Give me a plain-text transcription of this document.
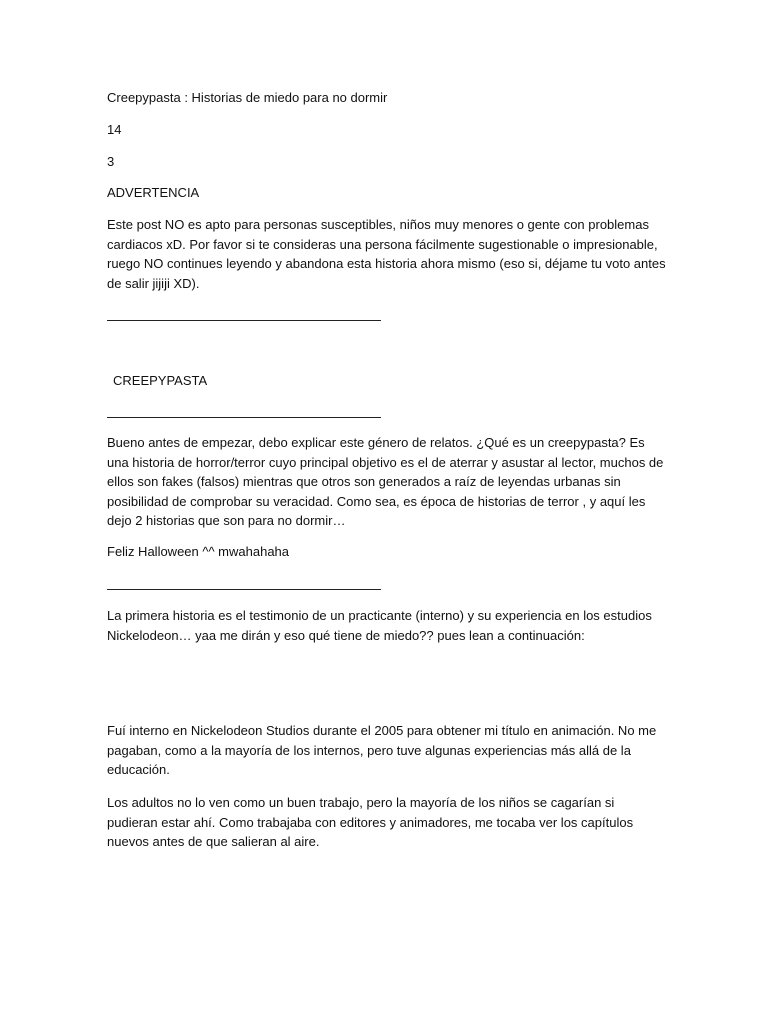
Creepypasta : Historias de miedo para no dormir
14
3
ADVERTENCIA
Este post NO es apto para personas susceptibles, niños muy menores o gente con problemas cardiacos xD. Por favor si te consideras una persona fácilmente sugestionable o impresionable, ruego NO continues leyendo y abandona esta historia ahora mismo (eso si, déjame tu voto antes de salir jijiji XD).
CREEPYPASTA
Bueno antes de empezar, debo explicar este género de relatos. ¿Qué es un creepypasta? Es una historia de horror/terror cuyo principal objetivo es el de aterrar y asustar al lector, muchos de ellos son fakes (falsos) mientras que otros son generados a raíz de leyendas urbanas sin posibilidad de comprobar su veracidad. Como sea, es época de historias de terror , y aquí les dejo 2 historias que son para no dormir…
Feliz Halloween ^^ mwahahaha
La primera historia es el testimonio de un practicante (interno) y su experiencia en los estudios Nickelodeon… yaa me dirán y eso qué tiene de miedo?? pues lean a continuación:
Fuí interno en Nickelodeon Studios durante el 2005 para obtener mi título en animación. No me pagaban, como a la mayoría de los internos, pero tuve algunas experiencias más allá de la educación.
Los adultos no lo ven como un buen trabajo, pero la mayoría de los niños se cagarían si pudieran estar ahí. Como trabajaba con editores y animadores, me tocaba ver los capítulos nuevos antes de que salieran al aire.
